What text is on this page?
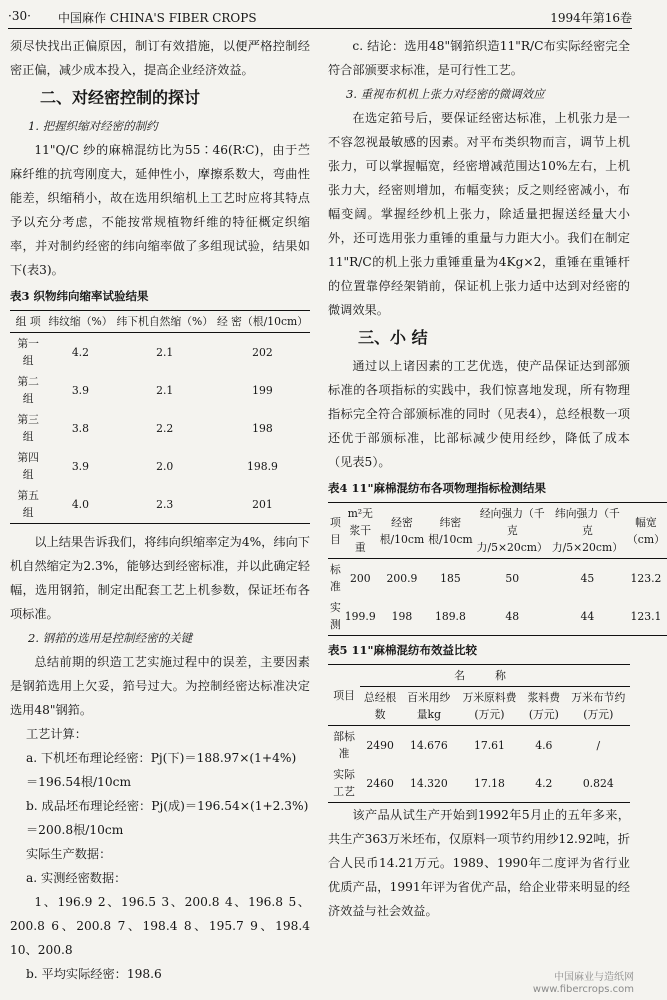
·30· 中国麻作 CHINA'S FIBER CROPS	1994年第16卷

须尽快找出正偏原因，制订有效措施，以便严格控制经密正偏，减少成本投入，提高企业经济效益。

二、对经密控制的探讨
1. 把握织缩对经密的制约

11"Q/C 纱的麻棉混纺比为55∶46(R∶C)，由于苎麻纤维的抗弯刚度大，延伸性小，摩擦系数大，弯曲性能差，织缩稍小，故在选用织缩机上工艺时应将其特点予以充分考虑，不能按常规植物纤维的特征概定织缩率，并对制约经密的纬向缩率做了多组现试验，结果如下(表3)。

表3 织物纬向缩率试验结果
组 项	纬纹缩（%）	纬下机自然缩（%）	经 密（根/10cm）
第一组	4.2	2.1	202
第二组	3.9	2.1	199
第三组	3.8	2.2	198
第四组	3.9	2.0	198.9
第五组	4.0	2.3	201

以上结果告诉我们，将纬向织缩率定为4%，纬向下机自然缩定为2.3%，能够达到经密标准，并以此确定轻幅，选用钢筘，制定出配套工艺上机参数，保证坯布各项标准。

2. 钢筘的选用是控制经密的关键

总结前期的织造工艺实施过程中的误差，主要因素是钢筘选用上欠妥，筘号过大。为控制经密达标准决定选用48"钢筘。

工艺计算：
a. 下机坯布理论经密：Pj(下)＝188.97×(1+4%)
＝196.54根/10cm
b. 成品坯布理论经密：Pj(成)＝196.54×(1+2.3%)
＝200.8根/10cm
实际生产数据：
a. 实测经密数据：

1、196.9 2、196.5 3、200.8 4、196.8 5、200.8 6、200.8 7、198.4 8、195.7 9、198.4 10、200.8

b. 平均实际经密：198.6

c. 结论：选用48"钢筘织造11"R/C布实际经密完全符合部颁要求标准，是可行性工艺。

3. 重视布机机上张力对经密的微调效应

在选定筘号后，要保证经密达标准，上机张力是一不容忽视最敏感的因素。对平布类织物而言，调节上机张力，可以掌握幅宽，经密增减范围达10%左右，上机张力大，经密则增加，布幅变狭；反之则经密减小，布幅变阔。掌握经纱机上张力，除适量把握送经量大小外，还可选用张力重锤的重量与力距大小。我们在制定11"R/C的机上张力重锤重量为4Kg×2，重锤在重锤杆的位置靠停经架销前，保证机上张力适中达到对经密的微调效果。

三、小 结

通过以上诸因素的工艺优选，使产品保证达到部颁标准的各项指标的实践中，我们惊喜地发现，所有物理指标完全符合部颁标准的同时（见表4），总经根数一项还优于部颁标准，比部标减少使用经纱，降低了成本（见表5）。

表4 11"麻棉混纺布各项物理指标检测结果
项目	m²无浆干重	经密根/10cm	纬密根/10cm	经向强力（千克力/5×20cm）	纬向强力（千克力/5×20cm）	幅宽（cm）
标 准	200	200.9	185	50	45	123.2
实 测	199.9	198	189.8	48	44	123.1
表5 11"麻棉混纺布效益比较
项目	名称				
	总经根数	百米用纱量kg	万米原料费(万元)	浆料费(万元)	万米布节约(万元)
部标准	2490	14.676	17.61	4.6	/
实际工艺	2460	14.320	17.18	4.2	0.824

该产品从试生产开始到1992年5月止的五年多来，共生产363万米坯布，仅原料一项节约用纱12.92吨，折合人民币14.21万元。1989、1990年二度评为省行业优质产品，1991年评为省优产品，给企业带来明显的经济效益与社会效益。

中国麻业与造纸网
www.fibercrops.com
